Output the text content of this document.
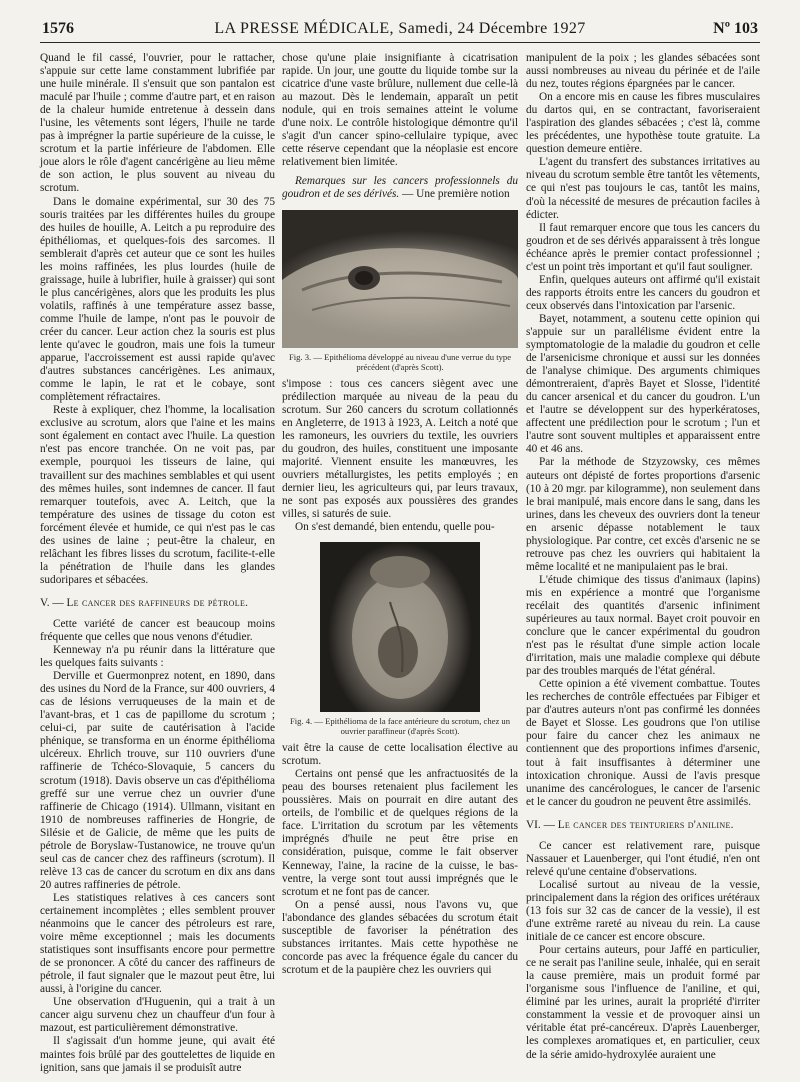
1576	LA PRESSE MÉDICALE, Samedi, 24 Décembre 1927	Nº 103

Quand le fil cassé, l'ouvrier, pour le rattacher, s'appuie sur cette lame constamment lubrifiée par une huile minérale. Il s'ensuit que son pantalon est maculé par l'huile ; comme d'autre part, et en raison de la chaleur humide entretenue à dessein dans l'usine, les vêtements sont légers, l'huile ne tarde pas à imprégner la partie supérieure de la cuisse, le scrotum et la partie inférieure de l'abdomen. Elle joue alors le rôle d'agent cancérigène au lieu même de son action, le plus souvent au niveau du scrotum.

Dans le domaine expérimental, sur 30 des 75 souris traitées par les différentes huiles du groupe des huiles de houille, A. Leitch a pu reproduire des épithéliomas, et quelques-fois des sarcomes. Il semblerait d'après cet auteur que ce sont les huiles les moins raffinées, les plus lourdes (huile de graissage, huile à lubrifier, huile à graisser) qui sont le plus cancérigènes, alors que les produits les plus volatils, raffinés à une température assez basse, comme l'huile de lampe, n'ont pas le pouvoir de créer du cancer. Leur action chez la souris est plus lente qu'avec le goudron, mais une fois la tumeur apparue, l'accroissement est aussi rapide qu'avec d'autres substances cancérigènes. Les animaux, comme le lapin, le rat et le cobaye, sont complètement réfractaires.

Reste à expliquer, chez l'homme, la localisation exclusive au scrotum, alors que l'aine et les mains sont également en contact avec l'huile. La question n'est pas encore tranchée. On ne voit pas, par exemple, pourquoi les tisseurs de laine, qui travaillent sur des machines semblables et qui usent des mêmes huiles, sont indemnes de cancer. Il faut remarquer toutefois, avec A. Leitch, que la température des usines de tissage du coton est forcément élevée et humide, ce qui n'est pas le cas des usines de laine ; peut-être la chaleur, en relâchant les fibres lisses du scrotum, facilite-t-elle la pénétration de l'huile dans les glandes sudoripares et sébacées.

V. — Le cancer des raffineurs de pétrole.

Cette variété de cancer est beaucoup moins fréquente que celles que nous venons d'étudier.

Kenneway n'a pu réunir dans la littérature que les quelques faits suivants :

Derville et Guermonprez notent, en 1890, dans des usines du Nord de la France, sur 400 ouvriers, 4 cas de lésions verruqueuses de la main et de l'avant-bras, et 1 cas de papillome du scrotum ; celui-ci, par suite de cautérisation à l'acide phénique, se transforma en un énorme épithélioma ulcéreux. Ehrlich trouve, sur 110 ouvriers d'une raffinerie de Tchéco-Slovaquie, 5 cancers du scrotum (1918). Davis observe un cas d'épithélioma greffé sur une verrue chez un ouvrier d'une raffinerie de Chicago (1914). Ullmann, visitant en 1910 de nombreuses raffineries de Hongrie, de Silésie et de Galicie, de même que les puits de pétrole de Boryslaw-Tustanowice, ne trouve qu'un seul cas de cancer chez des raffineurs (scrotum). Il relève 13 cas de cancer du scrotum en dix ans dans 20 autres raffineries de pétrole.

Les statistiques relatives à ces cancers sont certainement incomplètes ; elles semblent prouver néanmoins que le cancer des pétroleurs est rare, voire même exceptionnel ; mais les documents statistiques sont insuffisants encore pour permettre de se prononcer. A côté du cancer des raffineurs de pétrole, il faut signaler que le mazout peut être, lui aussi, à l'origine du cancer.

Une observation d'Huguenin, qui a trait à un cancer aigu survenu chez un chauffeur d'un four à mazout, est particulièrement démonstrative.

Il s'agissait d'un homme jeune, qui avait été maintes fois brûlé par des gouttelettes de liquide en ignition, sans que jamais il se produisît autre

chose qu'une plaie insignifiante à cicatrisation rapide. Un jour, une goutte du liquide tombe sur la cicatrice d'une vaste brûlure, nullement due celle-là au mazout. Dès le lendemain, apparaît un petit nodule, qui en trois semaines atteint le volume d'une noix. Le contrôle histologique démontre qu'il s'agit d'un cancer spino-cellulaire typique, avec cette réserve cependant que la néoplasie est encore relativement bien limitée.

Remarques sur les cancers professionnels du goudron et de ses dérivés. — Une première notion

Fig. 3. — Epithélioma développé au niveau d'une verrue du type précédent (d'après Scott).

s'impose : tous ces cancers siègent avec une prédilection marquée au niveau de la peau du scrotum. Sur 260 cancers du scrotum collationnés en Angleterre, de 1913 à 1923, A. Leitch a noté que les ramoneurs, les ouvriers du textile, les ouvriers du goudron, des huiles, constituent une imposante majorité. Viennent ensuite les manœuvres, les ouvriers métallurgistes, les petits employés ; en dernier lieu, les agriculteurs qui, par leurs travaux, ne sont pas exposés aux poussières des grandes villes, si saturés de suie.

On s'est demandé, bien entendu, quelle pou-

Fig. 4. — Epithélioma de la face antérieure du scrotum, chez un ouvrier paraffineur (d'après Scott).

vait être la cause de cette localisation élective au scrotum.

Certains ont pensé que les anfractuosités de la peau des bourses retenaient plus facilement les poussières. Mais on pourrait en dire autant des orteils, de l'ombilic et de quelques régions de la face. L'irritation du scrotum par les vêtements imprégnés d'huile ne peut être prise en considération, puisque, comme le fait observer Kenneway, l'aine, la racine de la cuisse, le bas-ventre, la verge sont tout aussi imprégnés que le scrotum et ne font pas de cancer.

On a pensé aussi, nous l'avons vu, que l'abondance des glandes sébacées du scrotum était susceptible de favoriser la pénétration des substances irritantes. Mais cette hypothèse ne concorde pas avec la fréquence égale du cancer du scrotum et de la paupière chez les ouvriers qui

manipulent de la poix ; les glandes sébacées sont aussi nombreuses au niveau du périnée et de l'aile du nez, toutes régions épargnées par le cancer.

On a encore mis en cause les fibres musculaires du dartos qui, en se contractant, favoriseraient l'aspiration des glandes sébacées ; c'est là, comme les précédentes, une hypothèse toute gratuite. La question demeure entière.

L'agent du transfert des substances irritatives au niveau du scrotum semble être tantôt les vêtements, ce qui n'est pas toujours le cas, tantôt les mains, d'où la nécessité de mesures de précaution faciles à édicter.

Il faut remarquer encore que tous les cancers du goudron et de ses dérivés apparaissent à très longue échéance après le premier contact professionnel ; c'est un point très important et qu'il faut souligner.

Enfin, quelques auteurs ont affirmé qu'il existait des rapports étroits entre les cancers du goudron et ceux observés dans l'intoxication par l'arsenic.

Bayet, notamment, a soutenu cette opinion qui s'appuie sur un parallélisme évident entre la symptomatologie de la maladie du goudron et celle de l'arsenicisme chronique et aussi sur les données de l'analyse chimique. Des arguments chimiques démontreraient, d'après Bayet et Slosse, l'identité du cancer arsenical et du cancer du goudron. L'un et l'autre se développent sur des hyperkératoses, affectent une prédilection pour le scrotum ; l'un et l'autre sont souvent multiples et apparaissent entre 40 et 46 ans.

Par la méthode de Stzyzowsky, ces mêmes auteurs ont dépisté de fortes proportions d'arsenic (10 à 20 mgr. par kilogramme), non seulement dans le brai manipulé, mais encore dans le sang, dans les urines, dans les cheveux des ouvriers dont la teneur en arsenic dépasse notablement le taux physiologique. Par contre, cet excès d'arsenic ne se retrouve pas chez les ouvriers qui habitaient la même localité et ne manipulaient pas le brai.

L'étude chimique des tissus d'animaux (lapins) mis en expérience a montré que l'organisme recélait des quantités d'arsenic infiniment supérieures au taux normal. Bayet croit pouvoir en conclure que le cancer expérimental du goudron n'est pas le résultat d'une simple action locale d'irritation, mais une maladie complexe qui débute par des troubles marqués de l'état général.

Cette opinion a été vivement combattue. Toutes les recherches de contrôle effectuées par Fibiger et par d'autres auteurs n'ont pas confirmé les données de Bayet et Slosse. Les goudrons que l'on utilise pour faire du cancer chez les animaux ne contiennent que des proportions infimes d'arsenic, tout à fait insuffisantes à déterminer une intoxication chronique. Aussi de l'avis presque unanime des cancérologues, le cancer de l'arsenic et le cancer du goudron ne peuvent être assimilés.

VI. — Le cancer des teinturiers d'aniline.

Ce cancer est relativement rare, puisque Nassauer et Lauenberger, qui l'ont étudié, n'en ont relevé qu'une centaine d'observations.

Localisé surtout au niveau de la vessie, principalement dans la région des orifices urétéraux (13 fois sur 32 cas de cancer de la vessie), il est d'une extrême rareté au niveau du rein. La cause initiale de ce cancer est encore obscure.

Pour certains auteurs, pour Jaffé en particulier, ce ne serait pas l'aniline seule, inhalée, qui en serait la cause première, mais un produit formé par l'organisme sous l'influence de l'aniline, et qui, éliminé par les urines, aurait la propriété d'irriter constamment la vessie et de provoquer ainsi un véritable état pré-cancéreux. D'après Lauenberger, les complexes aromatiques et, en particulier, ceux de la série amido-hydroxylée auraient une
